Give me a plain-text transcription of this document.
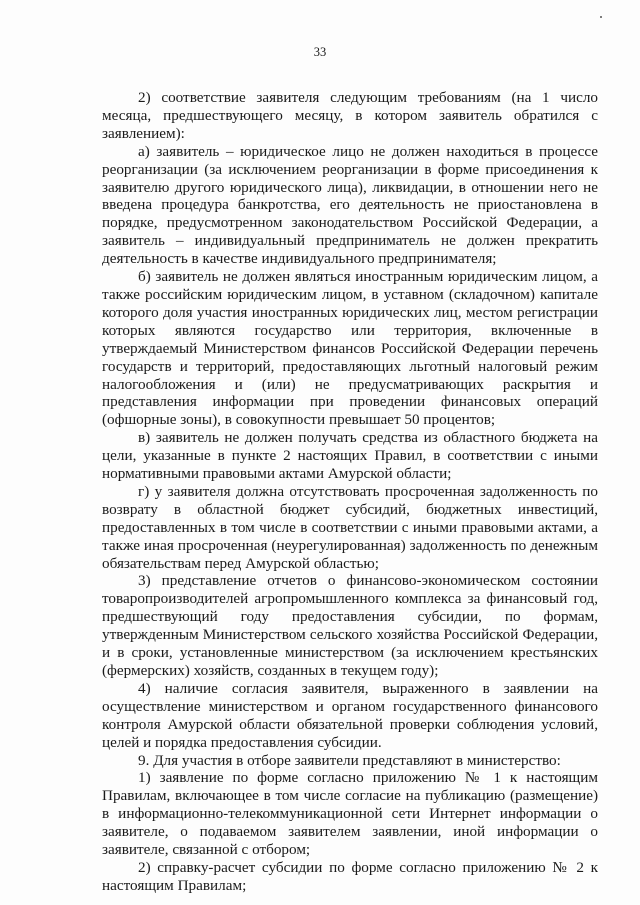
33

2) соответствие заявителя следующим требованиям (на 1 число месяца, предшествующего месяцу, в котором заявитель обратился с заявлением):

а) заявитель – юридическое лицо не должен находиться в процессе реорганизации (за исключением реорганизации в форме присоединения к заявителю другого юридического лица), ликвидации, в отношении него не введена процедура банкротства, его деятельность не приостановлена в порядке, предусмотренном законодательством Российской Федерации, а заявитель – индивидуальный предприниматель не должен прекратить деятельность в качестве индивидуального предпринимателя;

б) заявитель не должен являться иностранным юридическим лицом, а также российским юридическим лицом, в уставном (складочном) капитале которого доля участия иностранных юридических лиц, местом регистрации которых являются государство или территория, включенные в утверждаемый Министерством финансов Российской Федерации перечень государств и территорий, предоставляющих льготный налоговый режим налогообложения и (или) не предусматривающих раскрытия и представления информации при проведении финансовых операций (офшорные зоны), в совокупности превышает 50 процентов;

в) заявитель не должен получать средства из областного бюджета на цели, указанные в пункте 2 настоящих Правил, в соответствии с иными нормативными правовыми актами Амурской области;

г) у заявителя должна отсутствовать просроченная задолженность по возврату в областной бюджет субсидий, бюджетных инвестиций, предоставленных в том числе в соответствии с иными правовыми актами, а также иная просроченная (неурегулированная) задолженность по денежным обязательствам перед Амурской областью;

3) представление отчетов о финансово-экономическом состоянии товаропроизводителей агропромышленного комплекса за финансовый год, предшествующий году предоставления субсидии, по формам, утвержденным Министерством сельского хозяйства Российской Федерации, и в сроки, установленные министерством (за исключением крестьянских (фермерских) хозяйств, созданных в текущем году);

4) наличие согласия заявителя, выраженного в заявлении на осуществление министерством и органом государственного финансового контроля Амурской области обязательной проверки соблюдения условий, целей и порядка предоставления субсидии.

9. Для участия в отборе заявители представляют в министерство:

1) заявление по форме согласно приложению № 1 к настоящим Правилам, включающее в том числе согласие на публикацию (размещение) в информационно-телекоммуникационной сети Интернет информации о заявителе, о подаваемом заявителем заявлении, иной информации о заявителе, связанной с отбором;

2) справку-расчет субсидии по форме согласно приложению № 2 к настоящим Правилам;
